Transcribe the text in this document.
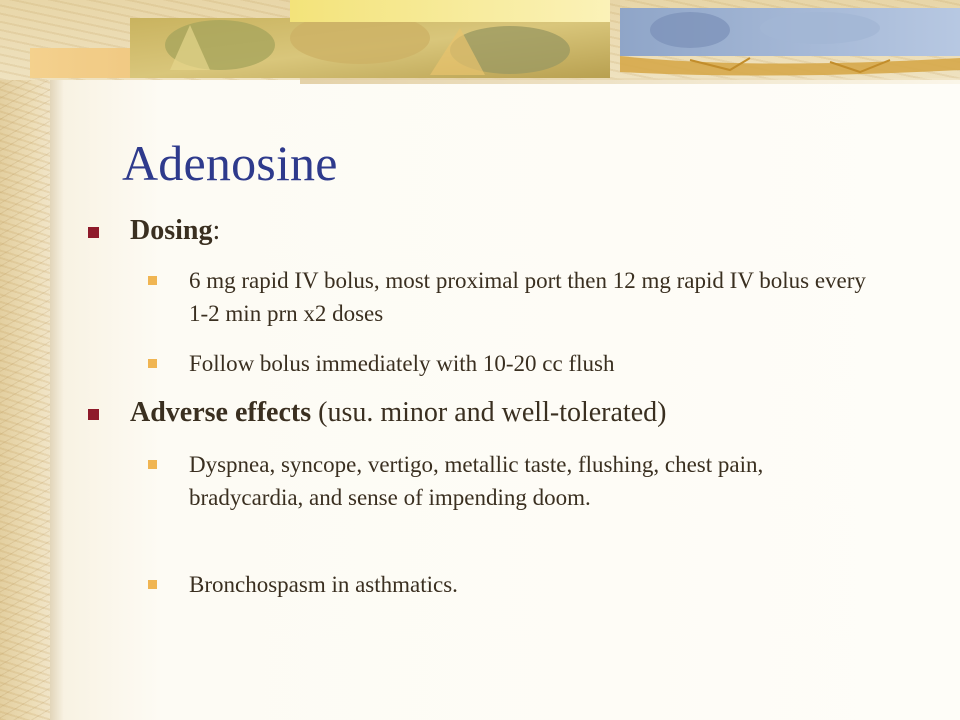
Adenosine
Dosing:
6 mg rapid IV bolus, most proximal port then 12 mg rapid IV bolus every 1-2 min prn x2 doses
Follow bolus immediately with 10-20 cc flush
Adverse effects (usu. minor and well-tolerated)
Dyspnea, syncope, vertigo, metallic taste, flushing, chest pain, bradycardia, and sense of impending doom.
Bronchospasm in asthmatics.
